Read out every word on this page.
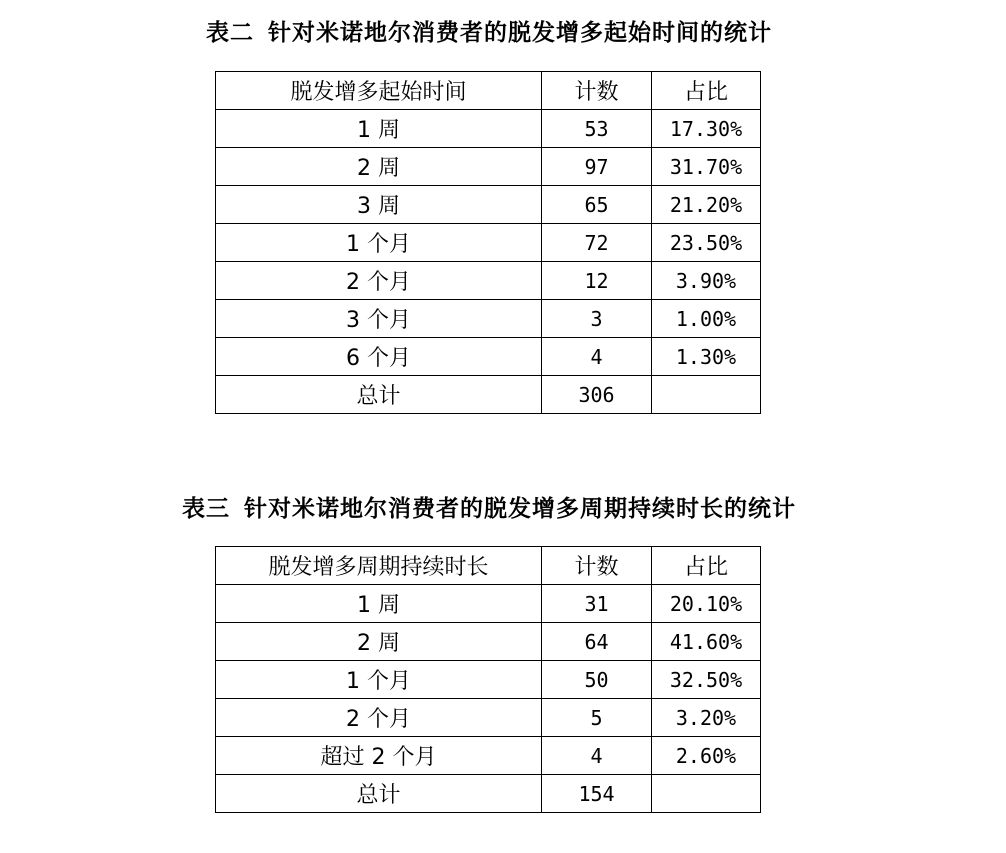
表二 针对米诺地尔消费者的脱发增多起始时间的统计
脱发增多起始时间	计数	占比
1 周	53	17.30%
2 周	97	31.70%
3 周	65	21.20%
1 个月	72	23.50%
2 个月	12	3.90%
3 个月	3	1.00%
6 个月	4	1.30%
总计	306	
表三 针对米诺地尔消费者的脱发增多周期持续时长的统计
脱发增多周期持续时长	计数	占比
1 周	31	20.10%
2 周	64	41.60%
1 个月	50	32.50%
2 个月	5	3.20%
超过 2 个月	4	2.60%
总计	154	
